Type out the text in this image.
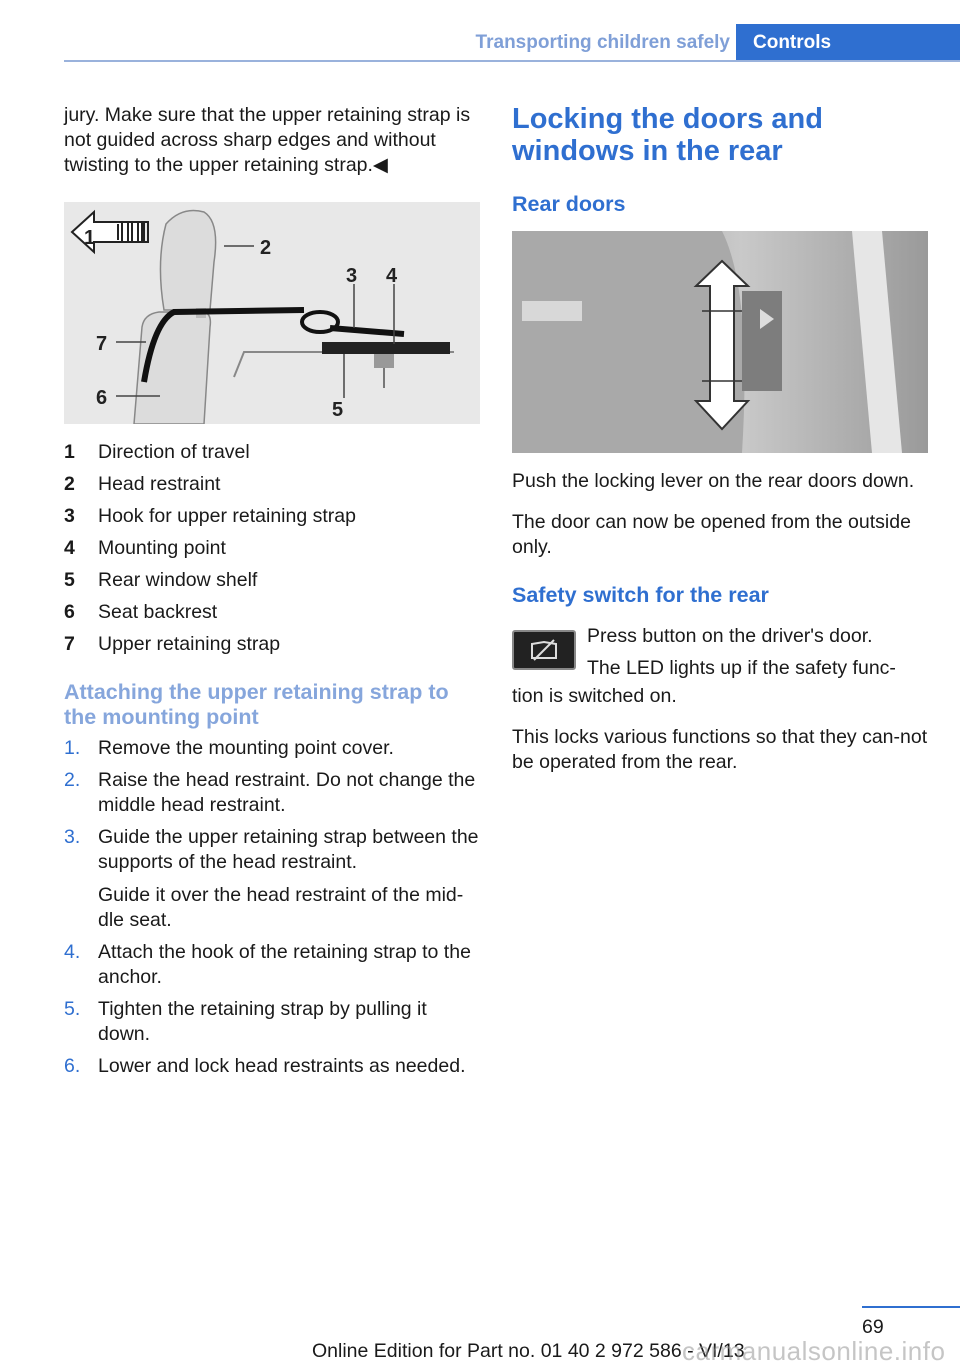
Transporting children safely	Controls

jury. Make sure that the upper retaining strap is not guided across sharp edges and without twisting to the upper retaining strap.◀

1	2
3 4
5
6
7
1	Direction of travel
2	Head restraint
3	Hook for upper retaining strap
4	Mounting point
5	Rear window shelf
6	Seat backrest
7	Upper retaining strap
Attaching the upper retaining strap to the mounting point
1. Remove the mounting point cover.

2. Raise the head restraint. Do not change the middle head restraint.

3. Guide the upper retaining strap between the supports of the head restraint.

Guide it over the head restraint of the mid‐dle seat.

4. Attach the hook of the retaining strap to the anchor.

5. Tighten the retaining strap by pulling it down.

6. Lower and lock head restraints as needed.

Locking the doors and windows in the rear
Rear doors

Push the locking lever on the rear doors down.

The door can now be opened from the outside only.

Safety switch for the rear

Press button on the driver's door.

The LED lights up if the safety func‐

tion is switched on.

This locks various functions so that they can‐not be operated from the rear.

69
Online Edition for Part no. 01 40 2 972 586 - VI/13
carmanualsonline.info
